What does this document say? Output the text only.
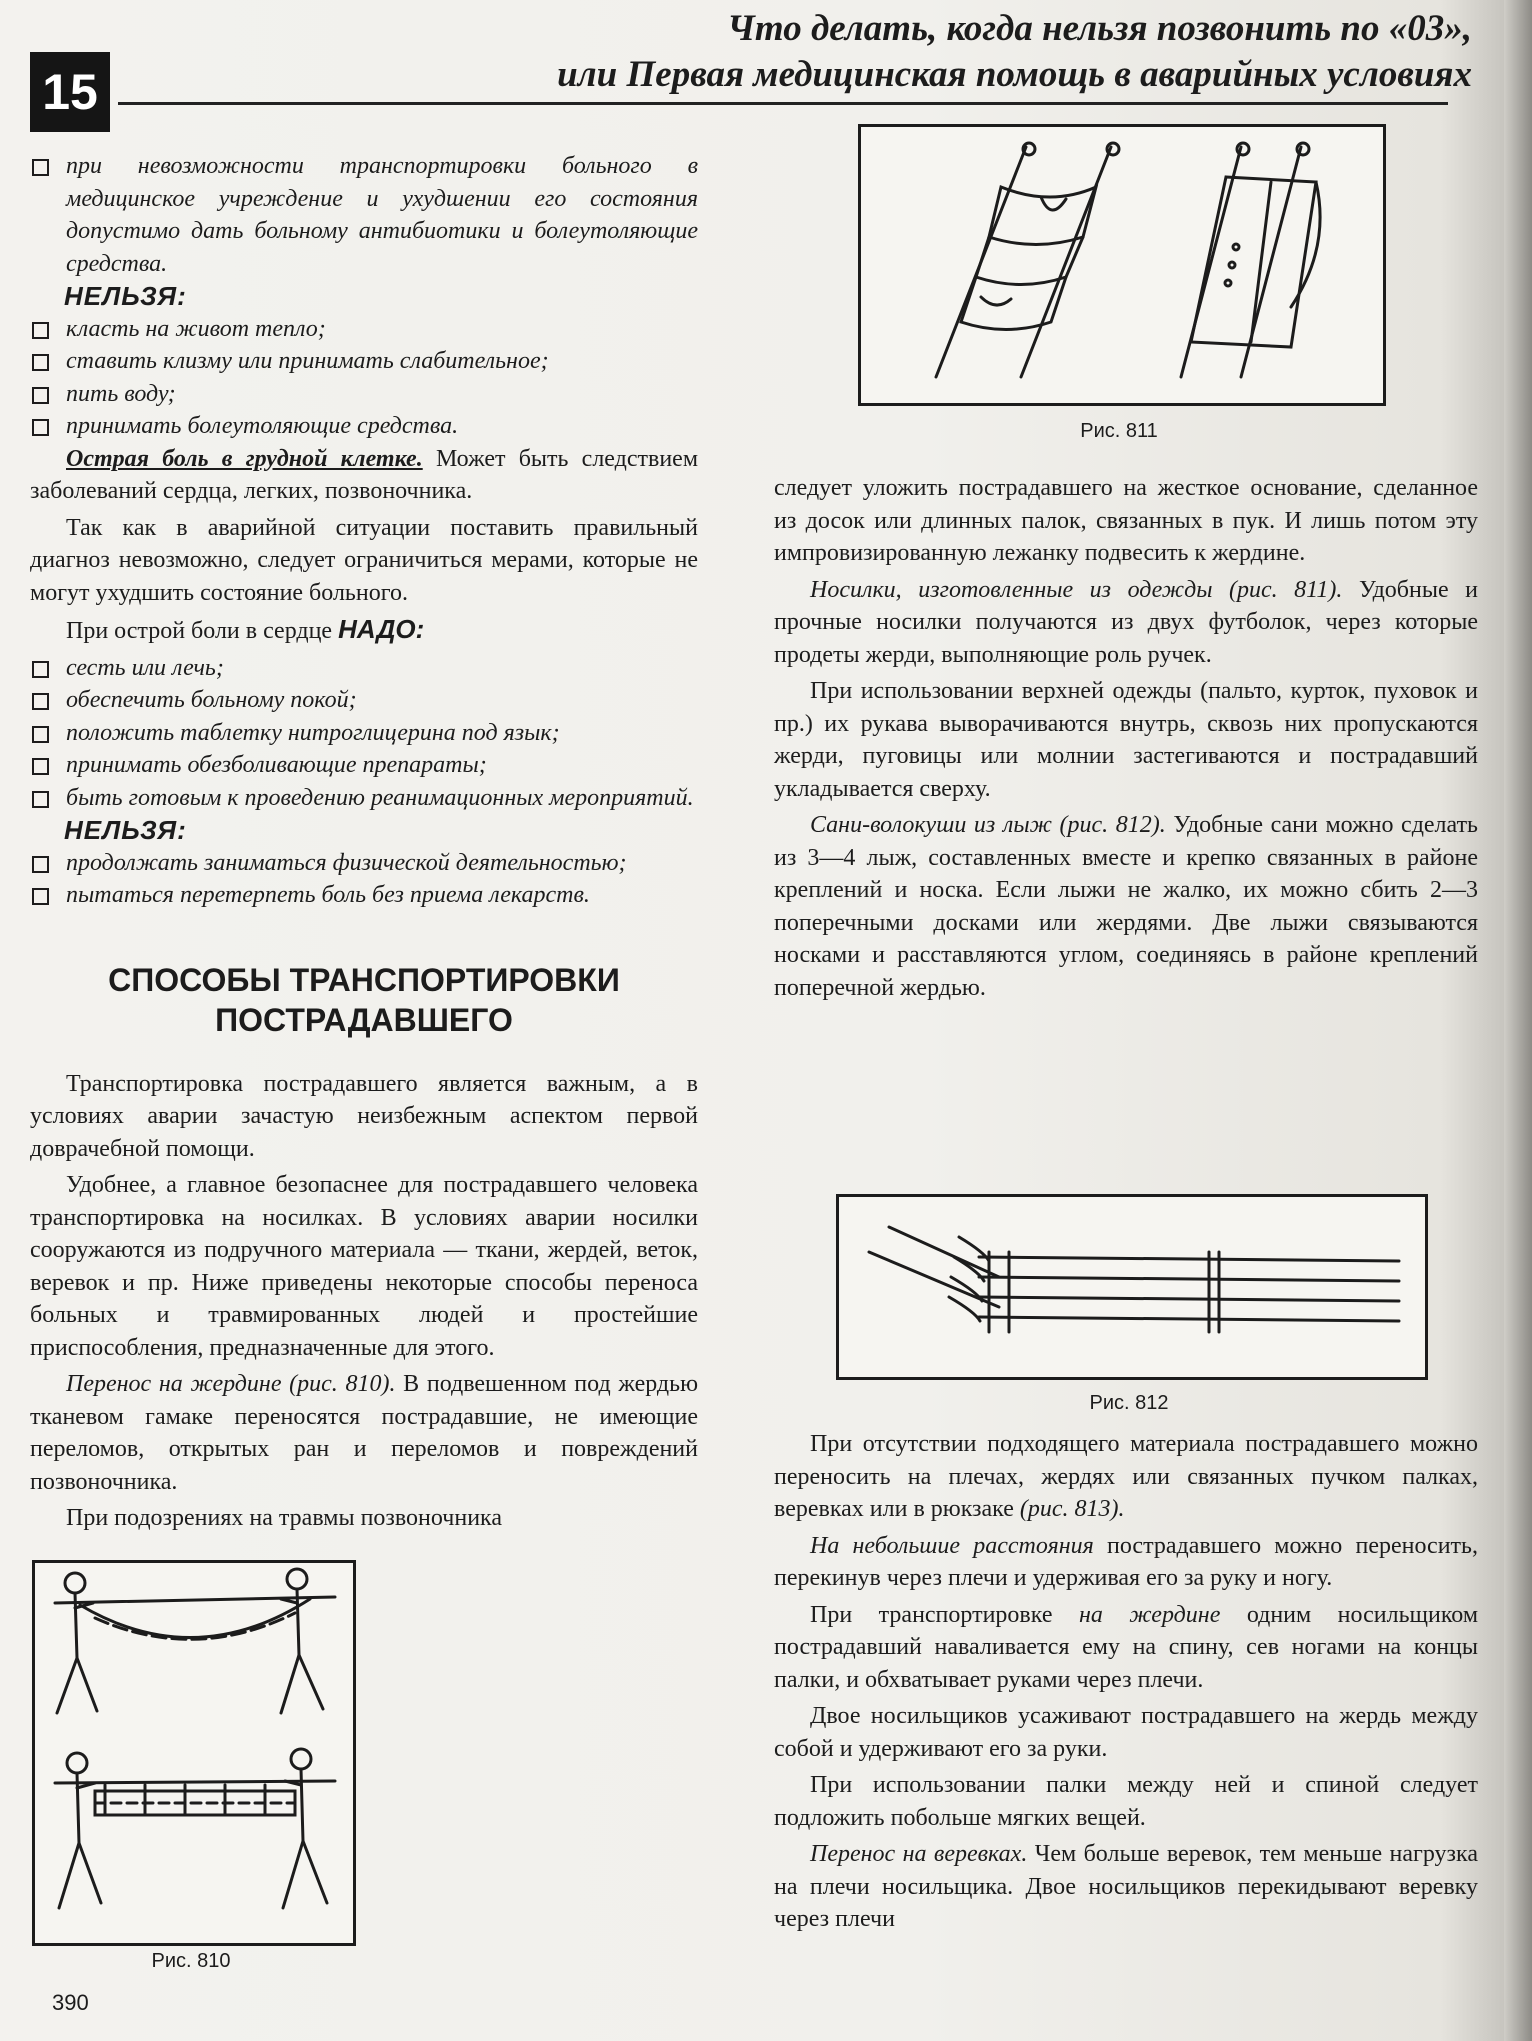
15
Что делать, когда нельзя позвонить по «03»,
или Первая медицинская помощь в аварийных условиях
при невозможности транспортировки больного в медицинское учреждение и ухудшении его состояния допустимо дать больному антибиотики и болеутоляющие средства.
НЕЛЬЗЯ:
класть на живот тепло;
ставить клизму или принимать слабительное;
пить воду;
принимать болеутоляющие средства.

Острая боль в грудной клетке. Может быть следствием заболеваний сердца, легких, позвоночника.

Так как в аварийной ситуации поставить правильный диагноз невозможно, следует ограничиться мерами, которые не могут ухудшить состояние больного.

При острой боли в сердце НАДО:

сесть или лечь;
обеспечить больному покой;
положить таблетку нитроглицерина под язык;
принимать обезболивающие препараты;
быть готовым к проведению реанимационных мероприятий.
НЕЛЬЗЯ:
продолжать заниматься физической деятельностью;
пытаться перетерпеть боль без приема лекарств.
СПОСОБЫ ТРАНСПОРТИРОВКИ ПОСТРАДАВШЕГО

Транспортировка пострадавшего является важным, а в условиях аварии зачастую неизбежным аспектом первой доврачебной помощи.

Удобнее, а главное безопаснее для пострадавшего человека транспортировка на носилках. В условиях аварии носилки сооружаются из подручного материала — ткани, жердей, веток, веревок и пр. Ниже приведены некоторые способы переноса больных и травмированных людей и простейшие приспособления, предназначенные для этого.

Перенос на жердине (рис. 810). В подвешенном под жердью тканевом гамаке переносятся пострадавшие, не имеющие переломов, открытых ран и переломов и повреждений позвоночника.

При подозрениях на травмы позвоночника

Рис. 810
Рис. 811
Рис. 812

следует уложить пострадавшего на жесткое основание, сделанное из досок или длинных палок, связанных в пук. И лишь потом эту импровизированную лежанку подвесить к жердине.

Носилки, изготовленные из одежды (рис. 811). Удобные и прочные носилки получаются из двух футболок, через которые продеты жерди, выполняющие роль ручек.

При использовании верхней одежды (пальто, курток, пуховок и пр.) их рукава выворачиваются внутрь, сквозь них пропускаются жерди, пуговицы или молнии застегиваются и пострадавший укладывается сверху.

Сани-волокуши из лыж (рис. 812). Удобные сани можно сделать из 3—4 лыж, составленных вместе и крепко связанных в районе креплений и носка. Если лыжи не жалко, их можно сбить 2—3 поперечными досками или жердями. Две лыжи связываются носками и расставляются углом, соединяясь в районе креплений поперечной жердью.

При отсутствии подходящего материала пострадавшего можно переносить на плечах, жердях или связанных пучком палках, веревках или в рюкзаке (рис. 813).

На небольшие расстояния пострадавшего можно переносить, перекинув через плечи и удерживая его за руку и ногу.

При транспортировке на жердине одним носильщиком пострадавший наваливается ему на спину, сев ногами на концы палки, и обхватывает руками через плечи.

Двое носильщиков усаживают пострадавшего на жердь между собой и удерживают его за руки.

При использовании палки между ней и спиной следует подложить побольше мягких вещей.

Перенос на веревках. Чем больше веревок, тем меньше нагрузка на плечи носильщика. Двое носильщиков перекидывают веревку через плечи

390
